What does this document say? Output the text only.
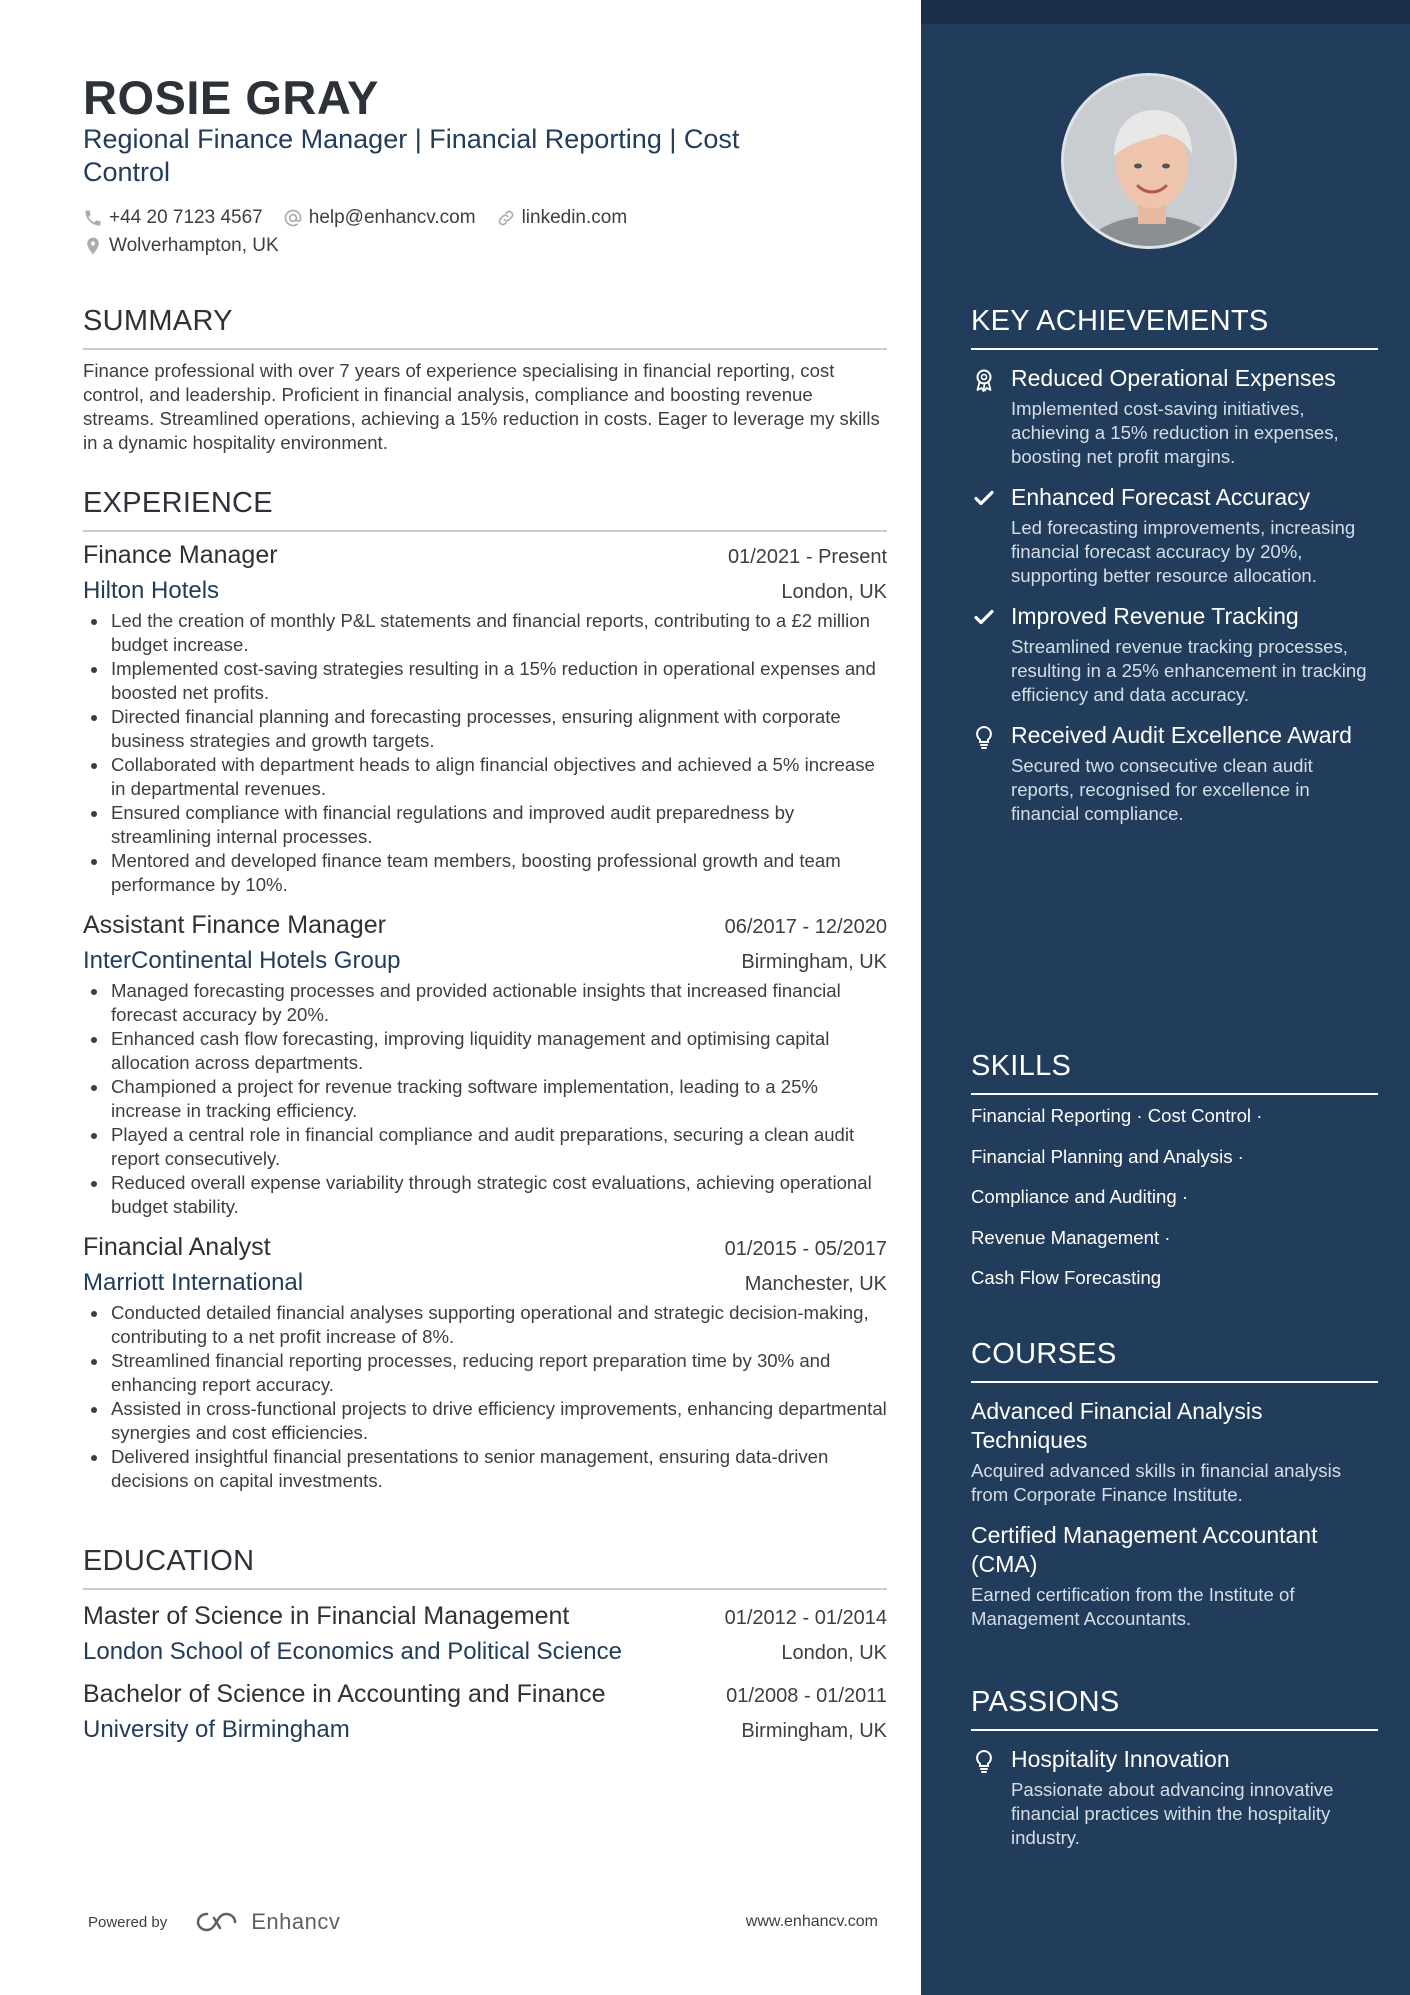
ROSIE GRAY
Regional Finance Manager | Financial Reporting | Cost Control
+44 20 7123 4567 help@enhancv.com linkedin.com
Wolverhampton, UK
SUMMARY
Finance professional with over 7 years of experience specialising in financial reporting, cost control, and leadership. Proficient in financial analysis, compliance and boosting revenue streams. Streamlined operations, achieving a 15% reduction in costs. Eager to leverage my skills in a dynamic hospitality environment.
EXPERIENCE
Finance Manager	01/2021 - Present
Hilton Hotels	London, UK
Led the creation of monthly P&L statements and financial reports, contributing to a £2 million budget increase.
Implemented cost-saving strategies resulting in a 15% reduction in operational expenses and boosted net profits.
Directed financial planning and forecasting processes, ensuring alignment with corporate business strategies and growth targets.
Collaborated with department heads to align financial objectives and achieved a 5% increase in departmental revenues.
Ensured compliance with financial regulations and improved audit preparedness by streamlining internal processes.
Mentored and developed finance team members, boosting professional growth and team performance by 10%.
Assistant Finance Manager	06/2017 - 12/2020
InterContinental Hotels Group	Birmingham, UK
Managed forecasting processes and provided actionable insights that increased financial forecast accuracy by 20%.
Enhanced cash flow forecasting, improving liquidity management and optimising capital allocation across departments.
Championed a project for revenue tracking software implementation, leading to a 25% increase in tracking efficiency.
Played a central role in financial compliance and audit preparations, securing a clean audit report consecutively.
Reduced overall expense variability through strategic cost evaluations, achieving operational budget stability.
Financial Analyst	01/2015 - 05/2017
Marriott International	Manchester, UK
Conducted detailed financial analyses supporting operational and strategic decision-making, contributing to a net profit increase of 8%.
Streamlined financial reporting processes, reducing report preparation time by 30% and enhancing report accuracy.
Assisted in cross-functional projects to drive efficiency improvements, enhancing departmental synergies and cost efficiencies.
Delivered insightful financial presentations to senior management, ensuring data-driven decisions on capital investments.
EDUCATION
Master of Science in Financial Management	01/2012 - 01/2014
London School of Economics and Political Science	London, UK
Bachelor of Science in Accounting and Finance	01/2008 - 01/2011
University of Birmingham	Birmingham, UK
Powered by	Enhancv	www.enhancv.com
KEY ACHIEVEMENTS
Reduced Operational Expenses
Implemented cost-saving initiatives, achieving a 15% reduction in expenses, boosting net profit margins.
Enhanced Forecast Accuracy
Led forecasting improvements, increasing financial forecast accuracy by 20%, supporting better resource allocation.
Improved Revenue Tracking
Streamlined revenue tracking processes, resulting in a 25% enhancement in tracking efficiency and data accuracy.
Received Audit Excellence Award
Secured two consecutive clean audit reports, recognised for excellence in financial compliance.
SKILLS
Financial Reporting · Cost Control ·
Financial Planning and Analysis ·
Compliance and Auditing ·
Revenue Management ·
Cash Flow Forecasting
COURSES
Advanced Financial Analysis Techniques
Acquired advanced skills in financial analysis from Corporate Finance Institute.
Certified Management Accountant (CMA)
Earned certification from the Institute of Management Accountants.
PASSIONS
Hospitality Innovation
Passionate about advancing innovative financial practices within the hospitality industry.
